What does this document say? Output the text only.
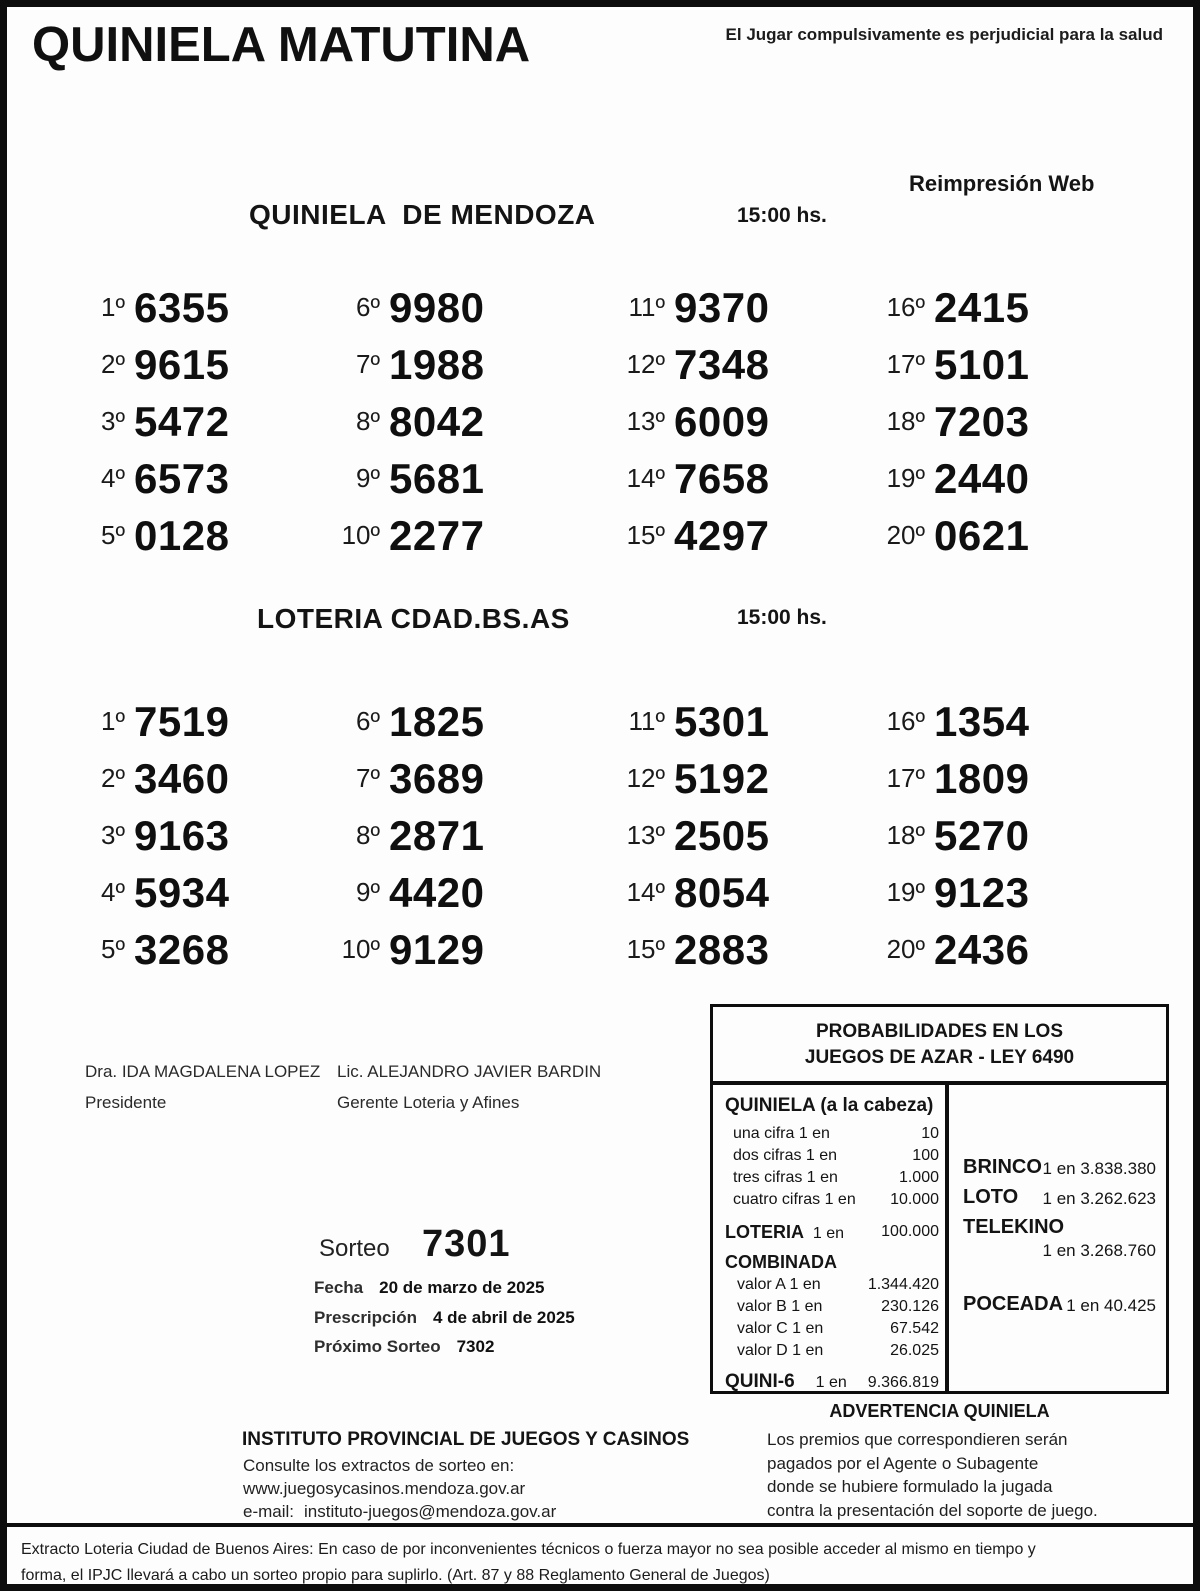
QUINIELA MATUTINA	El Jugar compulsivamente es perjudicial para la salud
Reimpresión Web
QUINIELA  DE MENDOZA	15:00 hs.
1º 6355
2º 9615
3º 5472
4º 6573
5º 0128
6º 9980
7º 1988
8º 8042
9º 5681
10º 2277
11º 9370
12º 7348
13º 6009
14º 7658
15º 4297
16º 2415
17º 5101
18º 7203
19º 2440
20º 0621
LOTERIA CDAD.BS.AS	15:00 hs.
1º 7519
2º 3460
3º 9163
4º 5934
5º 3268
6º 1825
7º 3689
8º 2871
9º 4420
10º 9129
11º 5301
12º 5192
13º 2505
14º 8054
15º 2883
16º 1354
17º 1809
18º 5270
19º 9123
20º 2436
Dra. IDA MAGDALENA LOPEZ
Presidente
Lic. ALEJANDRO JAVIER BARDIN
Gerente Loteria y Afines
PROBABILIDADES EN LOS
JUEGOS DE AZAR - LEY 6490
QUINIELA (a la cabeza)
una cifra 1 en	10
dos cifras 1 en	100
tres cifras 1 en	1.000
cuatro cifras 1 en 10.000
LOTERIA 1 en 100.000
COMBINADA
valor A 1 en	1.344.420
valor B 1 en	230.126
valor C 1 en	67.542
valor D 1 en	26.025
QUINI-6 1 en 9.366.819
BRINCO 1 en 3.838.380
LOTO 1 en 3.262.623
TELEKINO
1 en 3.268.760
POCEADA 1 en 40.425
Sorteo 7301
Fecha 20 de marzo de 2025
Prescripción 4 de abril de 2025
Próximo Sorteo 7302
ADVERTENCIA QUINIELA
Los premios que correspondieren serán
pagados por el Agente o Subagente
donde se hubiere formulado la jugada
contra la presentación del soporte de juego.
INSTITUTO PROVINCIAL DE JUEGOS Y CASINOS
Consulte los extractos de sorteo en:
www.juegosycasinos.mendoza.gov.ar
e-mail: instituto-juegos@mendoza.gov.ar
Extracto Loteria Ciudad de Buenos Aires: En caso de por inconvenientes técnicos o fuerza mayor no sea posible acceder al mismo en tiempo y
forma, el IPJC llevará a cabo un sorteo propio para suplirlo. (Art. 87 y 88 Reglamento General de Juegos)
